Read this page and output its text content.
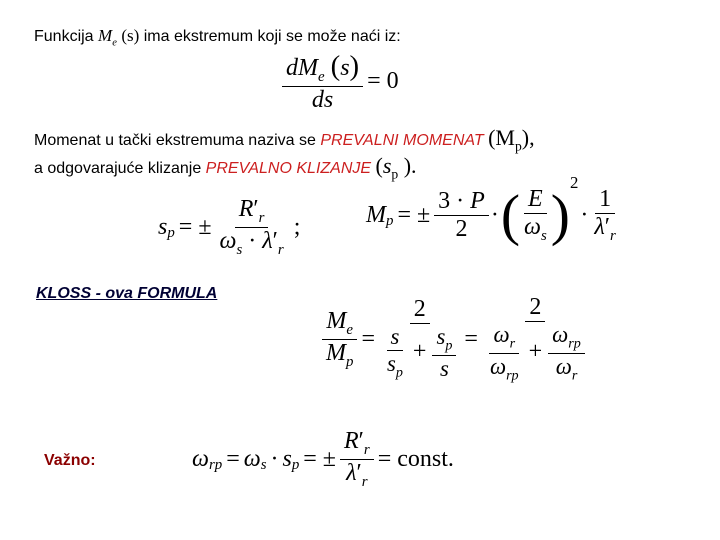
Funkcija $M_e$ (s) ima ekstremum koji se može naći iz:
$\frac{dM_e (s)}{ds} = 0$
Momenat u tački ekstremuma naziva se PREVALNI MOMENAT $(M_p)$,
a odgovarajuće klizanje PREVALNO KLIZANJE ($s_p$ ).
s $_p$ = ± $\frac{R'_r}{\omega_s \cdot \lambda'_r}$ ;	M $_p$ = ± $\frac{3 \cdot P}{2}$ · ( $\frac{E}{\omega_s}$ )
2
· $\frac{1}{\lambda'_r}$
KLOSS - ova FORMULA
$\frac{M_e}{M_p} = \frac{2}{\frac{s}{s_p} + \frac{s_p}{s}} = \frac{2}{\frac{\omega_r}{\omega_{rp}} + \frac{\omega_{rp}}{\omega_r}}$
Važno:	ω $_{rp}$ = ω $_s$ · s $_p$ = ± $\frac{R'_r}{\lambda'_r}$ = const.
